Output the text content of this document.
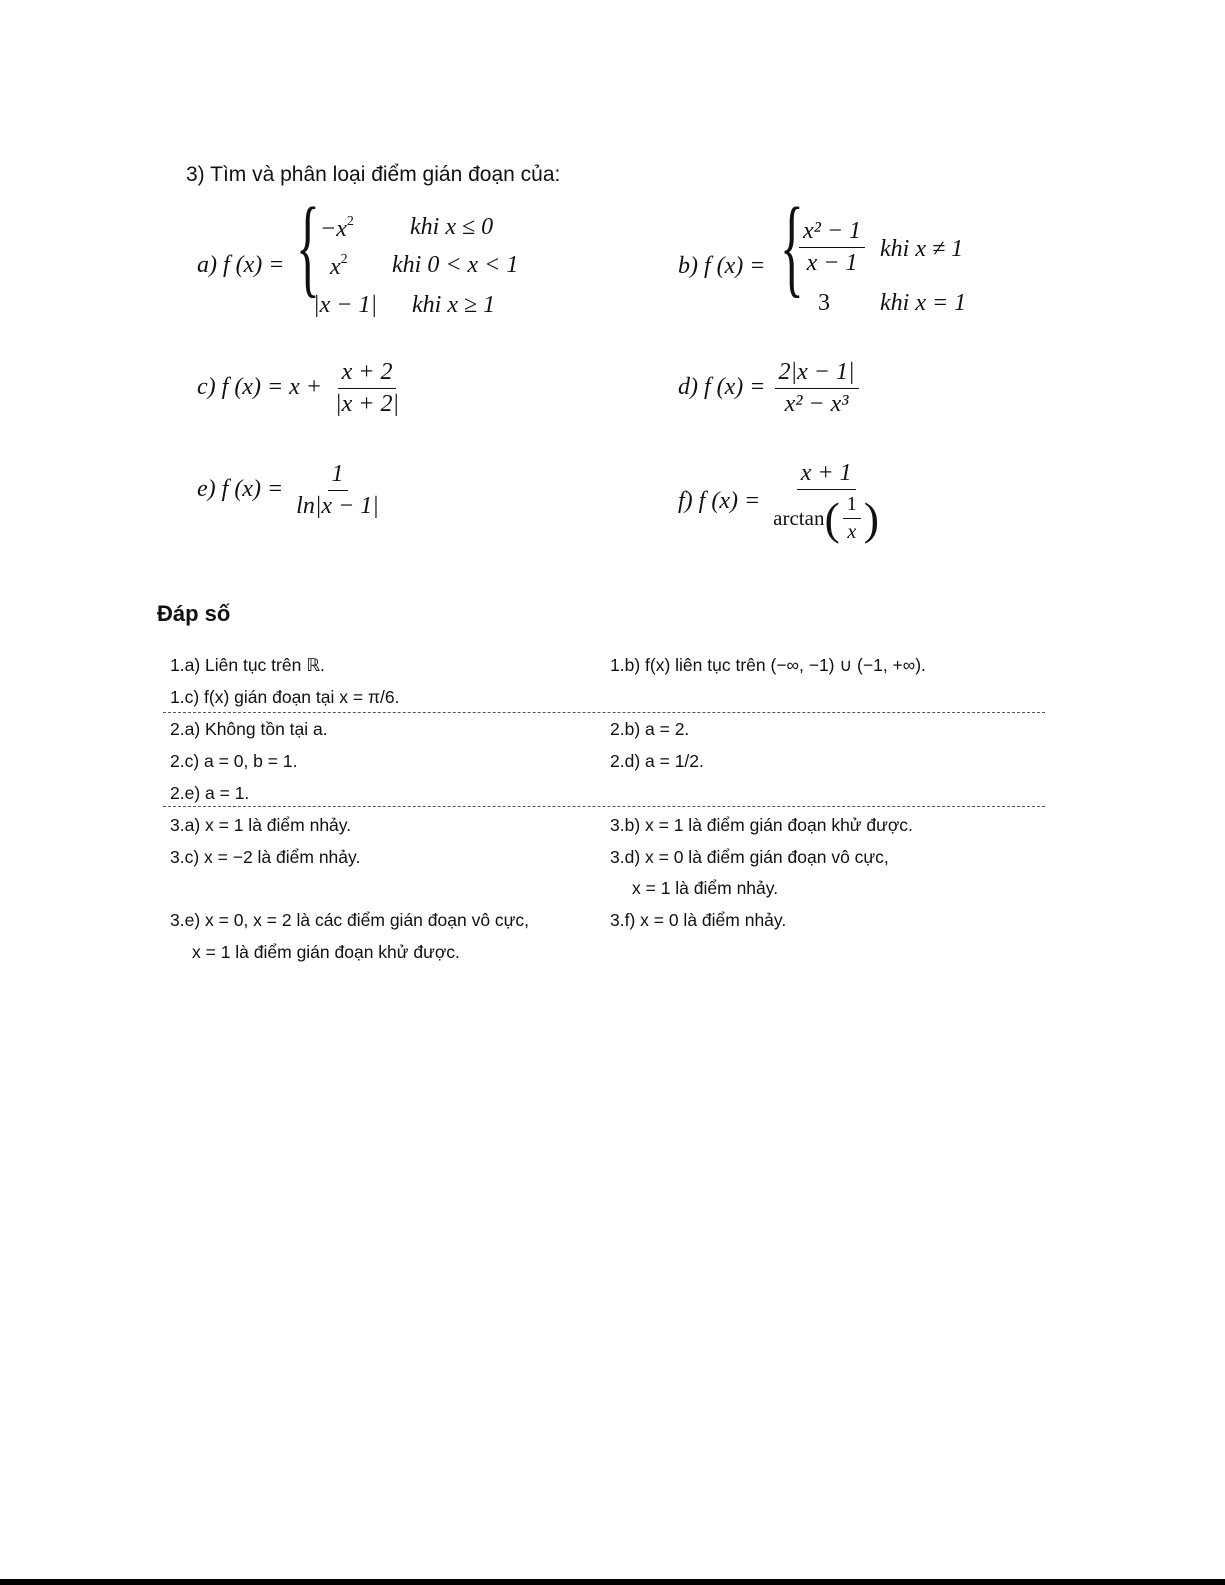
3) Tìm và phân loại điểm gián đoạn của:
a) f (x) = { $-x^2$ khi x ≤ 0
$x^2$ khi 0 < x < 1
|x − 1| khi x ≥ 1
b) f (x) = {
$\frac{\text{x² − 1}}{x - 1}$ khi x ≠ 1
3 khi x = 1
c) f $(x) = x + \frac{x + 2}{|x + 2|}$	d) f $(x) = \frac{2|x - 1|}{\text{x² − x³}}$
e) f $(x) = \frac{1}{\ln|x - 1|}$	f) f $(x) = \frac{x + 1}{\arctan ( \frac{1}{x} )}$
Đáp số
1.a) Liên tục trên ℝ.	1.b) f(x) liên tục trên (−∞, −1) ∪ (−1, +∞).
1.c) f(x) gián đoạn tại x = π/6.
2.a) Không tồn tại a.	2.b) a = 2.
2.c) a = 0, b = 1.	2.d) a = 1/2.
2.e) a = 1.
3.a) x = 1 là điểm nhảy.	3.b) x = 1 là điểm gián đoạn khử được.
3.c) x = −2 là điểm nhảy.	3.d) x = 0 là điểm gián đoạn vô cực,
x = 1 là điểm nhảy.
3.e) x = 0, x = 2 là các điểm gián đoạn vô cực,	3.f) x = 0 là điểm nhảy.
x = 1 là điểm gián đoạn khử được.
